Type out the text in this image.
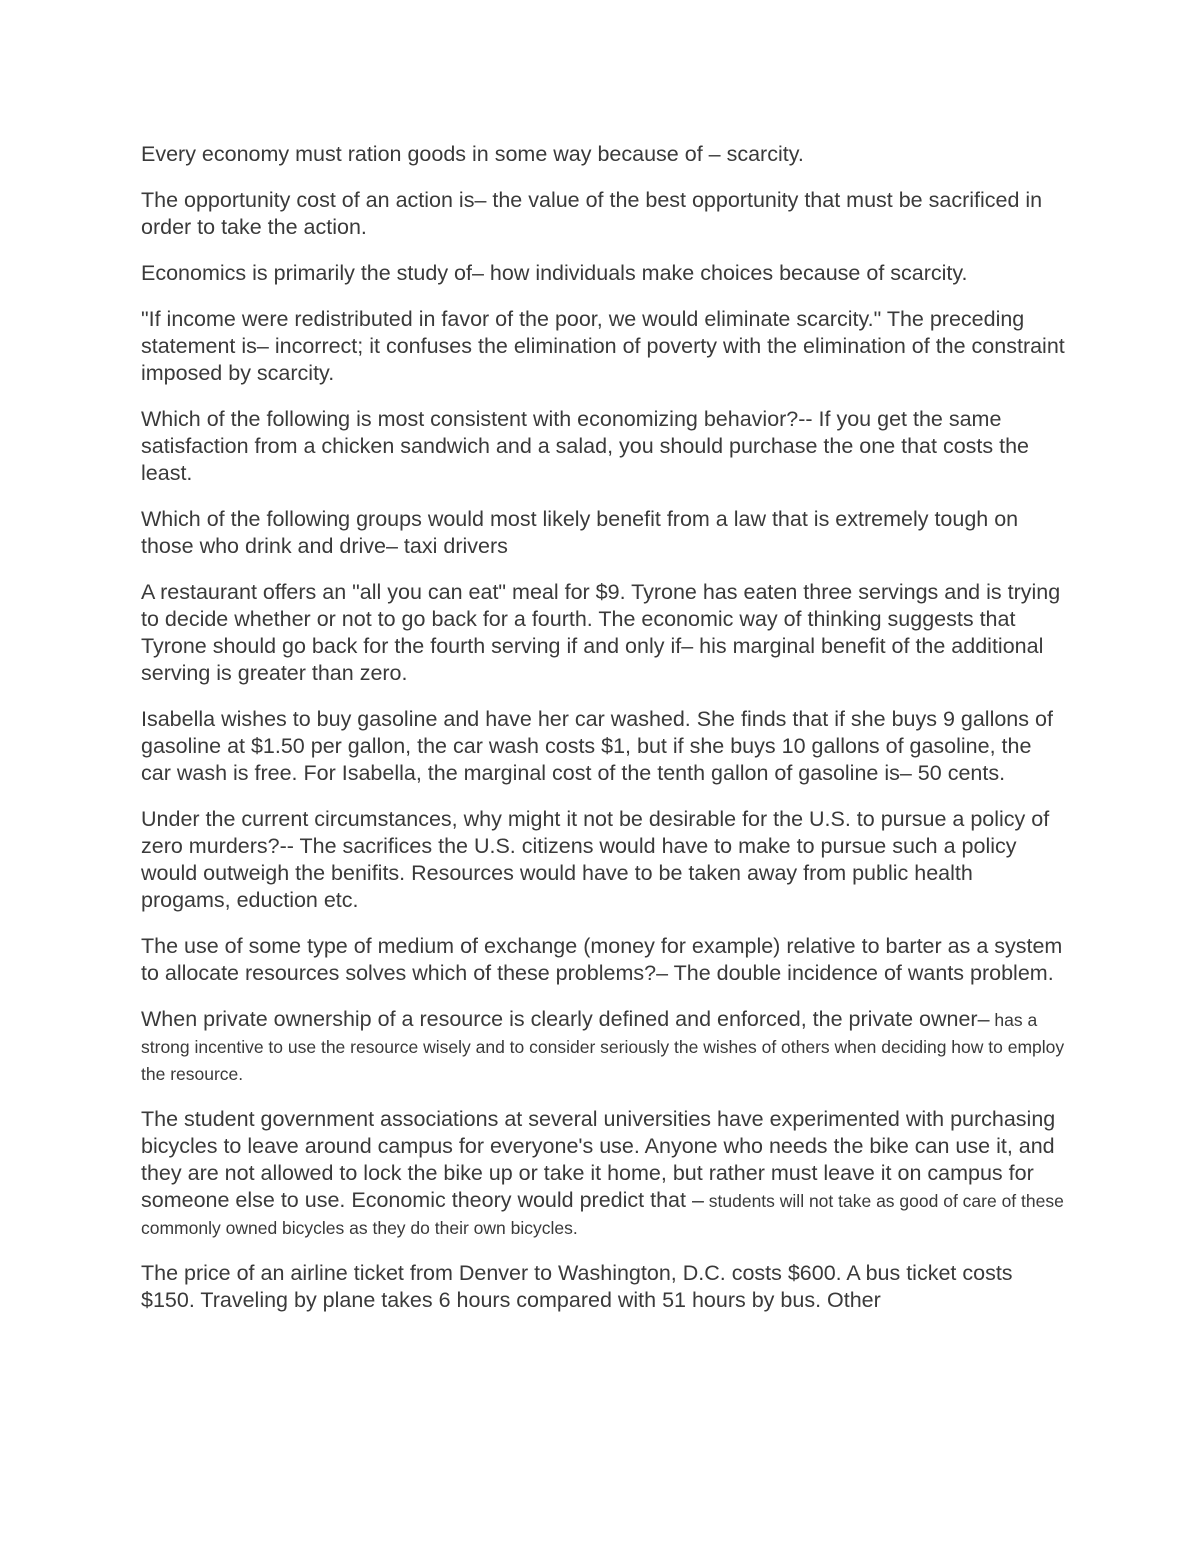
Every economy must ration goods in some way because of – scarcity.

The opportunity cost of an action is– the value of the best opportunity that must be sacrificed in order to take the action.

Economics is primarily the study of– how individuals make choices because of scarcity.

"If income were redistributed in favor of the poor, we would eliminate scarcity." The preceding statement is– incorrect; it confuses the elimination of poverty with the elimination of the constraint imposed by scarcity.

Which of the following is most consistent with economizing behavior?-- If you get the same satisfaction from a chicken sandwich and a salad, you should purchase the one that costs the least.

Which of the following groups would most likely benefit from a law that is extremely tough on those who drink and drive– taxi drivers

A restaurant offers an "all you can eat" meal for $9. Tyrone has eaten three servings and is trying to decide whether or not to go back for a fourth. The economic way of thinking suggests that Tyrone should go back for the fourth serving if and only if– his marginal benefit of the additional serving is greater than zero.

Isabella wishes to buy gasoline and have her car washed. She finds that if she buys 9 gallons of gasoline at $1.50 per gallon, the car wash costs $1, but if she buys 10 gallons of gasoline, the car wash is free. For Isabella, the marginal cost of the tenth gallon of gasoline is– 50 cents.

Under the current circumstances, why might it not be desirable for the U.S. to pursue a policy of zero murders?-- The sacrifices the U.S. citizens would have to make to pursue such a policy would outweigh the benifits. Resources would have to be taken away from public health progams, eduction etc.

The use of some type of medium of exchange (money for example) relative to barter as a system to allocate resources solves which of these problems?– The double incidence of wants problem.

When private ownership of a resource is clearly defined and enforced, the private owner– has a strong incentive to use the resource wisely and to consider seriously the wishes of others when deciding how to employ the resource.

The student government associations at several universities have experimented with purchasing bicycles to leave around campus for everyone's use. Anyone who needs the bike can use it, and they are not allowed to lock the bike up or take it home, but rather must leave it on campus for someone else to use. Economic theory would predict that – students will not take as good of care of these commonly owned bicycles as they do their own bicycles.

The price of an airline ticket from Denver to Washington, D.C. costs $600. A bus ticket costs $150. Traveling by plane takes 6 hours compared with 51 hours by bus. Other
